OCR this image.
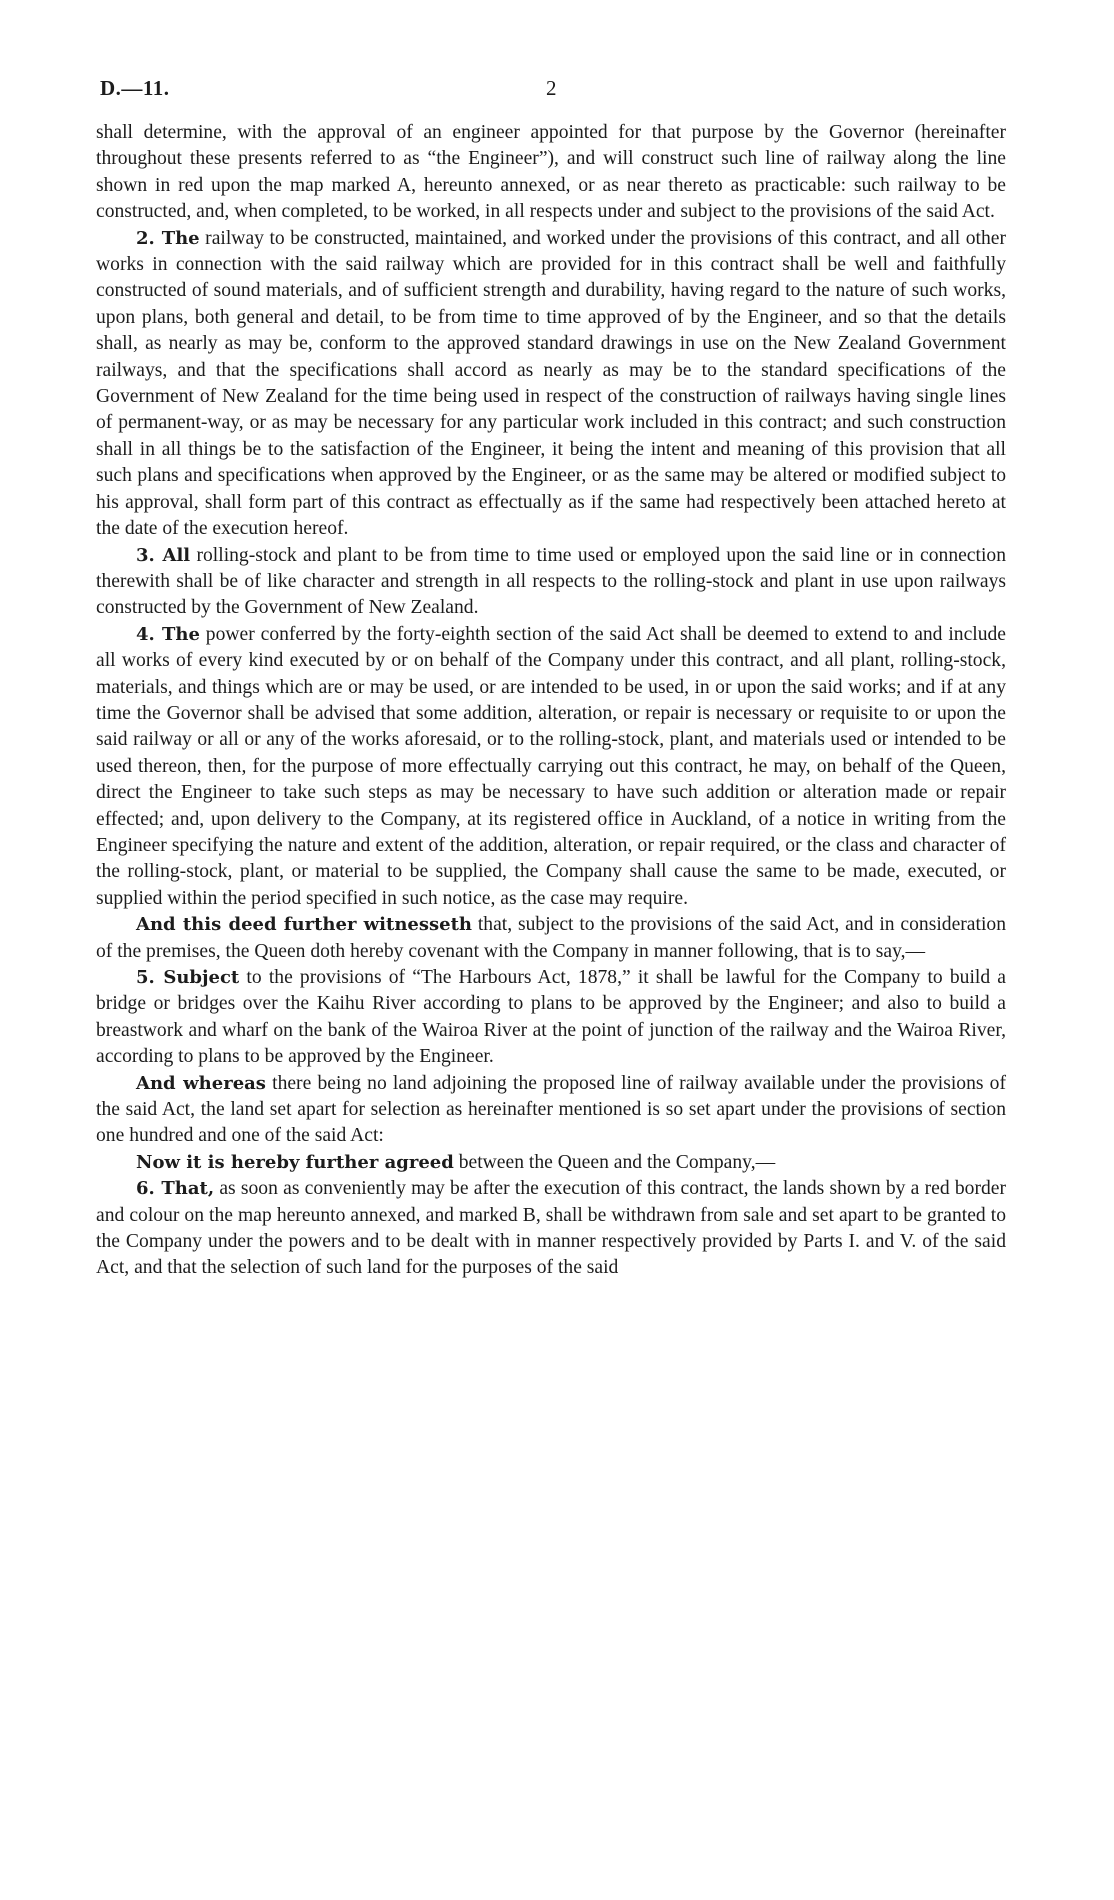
D.—11.	2

shall determine, with the approval of an engineer appointed for that purpose by the Governor (hereinafter throughout these presents referred to as “the Engineer”), and will construct such line of railway along the line shown in red upon the map marked A, hereunto annexed, or as near thereto as practicable: such railway to be constructed, and, when completed, to be worked, in all respects under and subject to the provisions of the said Act.

2. The railway to be constructed, maintained, and worked under the provisions of this contract, and all other works in connection with the said railway which are provided for in this contract shall be well and faithfully constructed of sound materials, and of sufficient strength and durability, having regard to the nature of such works, upon plans, both general and detail, to be from time to time approved of by the Engineer, and so that the details shall, as nearly as may be, conform to the approved standard drawings in use on the New Zealand Government railways, and that the specifications shall accord as nearly as may be to the standard specifications of the Government of New Zealand for the time being used in respect of the construction of railways having single lines of permanent-way, or as may be necessary for any particular work included in this contract; and such construction shall in all things be to the satisfaction of the Engineer, it being the intent and meaning of this provision that all such plans and specifications when approved by the Engineer, or as the same may be altered or modified subject to his approval, shall form part of this contract as effectually as if the same had respectively been attached hereto at the date of the execution hereof.

3. All rolling-stock and plant to be from time to time used or employed upon the said line or in connection therewith shall be of like character and strength in all respects to the rolling-stock and plant in use upon railways constructed by the Government of New Zealand.

4. The power conferred by the forty-eighth section of the said Act shall be deemed to extend to and include all works of every kind executed by or on behalf of the Company under this contract, and all plant, rolling-stock, materials, and things which are or may be used, or are intended to be used, in or upon the said works; and if at any time the Governor shall be advised that some addition, alteration, or repair is necessary or requisite to or upon the said railway or all or any of the works aforesaid, or to the rolling-stock, plant, and materials used or intended to be used thereon, then, for the purpose of more effectually carrying out this contract, he may, on behalf of the Queen, direct the Engineer to take such steps as may be necessary to have such addition or alteration made or repair effected; and, upon delivery to the Company, at its registered office in Auckland, of a notice in writing from the Engineer specifying the nature and extent of the addition, alteration, or repair required, or the class and character of the rolling-stock, plant, or material to be supplied, the Company shall cause the same to be made, executed, or supplied within the period specified in such notice, as the case may require.

And this deed further witnesseth that, subject to the provisions of the said Act, and in consideration of the premises, the Queen doth hereby covenant with the Company in manner following, that is to say,—

5. Subject to the provisions of “The Harbours Act, 1878,” it shall be lawful for the Company to build a bridge or bridges over the Kaihu River according to plans to be approved by the Engineer; and also to build a breastwork and wharf on the bank of the Wairoa River at the point of junction of the railway and the Wairoa River, according to plans to be approved by the Engineer.

And whereas there being no land adjoining the proposed line of railway available under the provisions of the said Act, the land set apart for selection as hereinafter mentioned is so set apart under the provisions of section one hundred and one of the said Act:

Now it is hereby further agreed between the Queen and the Company,—

6. That, as soon as conveniently may be after the execution of this contract, the lands shown by a red border and colour on the map hereunto annexed, and marked B, shall be withdrawn from sale and set apart to be granted to the Company under the powers and to be dealt with in manner respectively provided by Parts I. and V. of the said Act, and that the selection of such land for the purposes of the said
